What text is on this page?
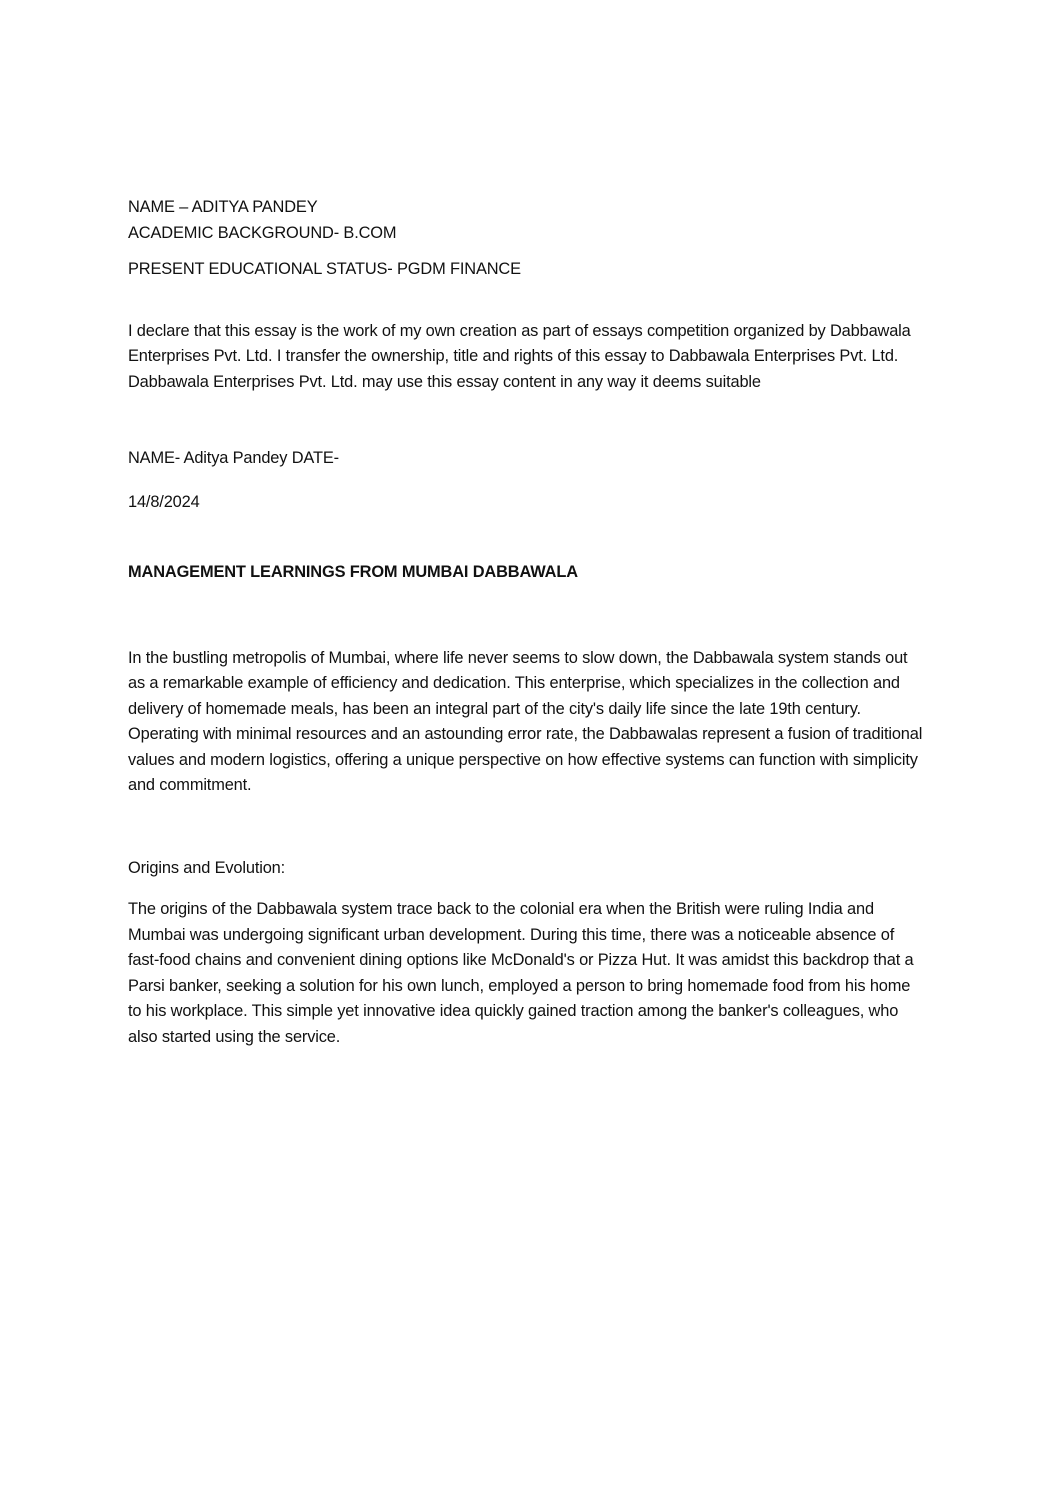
NAME – ADITYA PANDEY

ACADEMIC BACKGROUND- B.COM

PRESENT EDUCATIONAL STATUS- PGDM FINANCE

I declare that this essay is the work of my own creation as part of essays competition organized by Dabbawala Enterprises Pvt. Ltd. I transfer the ownership, title and rights of this essay to Dabbawala Enterprises Pvt. Ltd. Dabbawala Enterprises Pvt. Ltd. may use this essay content in any way it deems suitable

NAME- Aditya Pandey DATE-

14/8/2024

MANAGEMENT LEARNINGS FROM MUMBAI DABBAWALA

In the bustling metropolis of Mumbai, where life never seems to slow down, the Dabbawala system stands out as a remarkable example of efficiency and dedication. This enterprise, which specializes in the collection and delivery of homemade meals, has been an integral part of the city's daily life since the late 19th century. Operating with minimal resources and an astounding error rate, the Dabbawalas represent a fusion of traditional values and modern logistics, offering a unique perspective on how effective systems can function with simplicity and commitment.

Origins and Evolution:

The origins of the Dabbawala system trace back to the colonial era when the British were ruling India and Mumbai was undergoing significant urban development. During this time, there was a noticeable absence of fast-food chains and convenient dining options like McDonald's or Pizza Hut. It was amidst this backdrop that a Parsi banker, seeking a solution for his own lunch, employed a person to bring homemade food from his home to his workplace. This simple yet innovative idea quickly gained traction among the banker's colleagues, who also started using the service.
